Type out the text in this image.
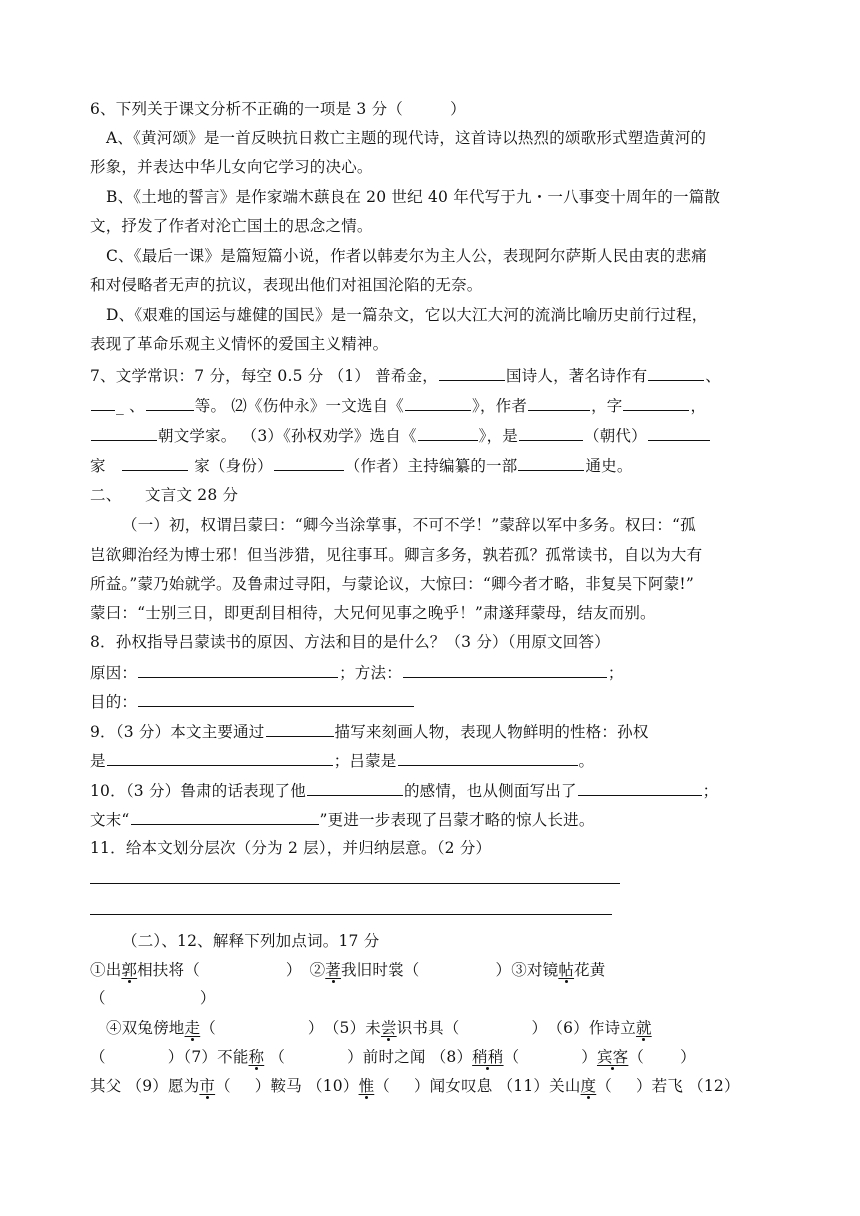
6、下列关于课文分析不正确的一项是 3 分（　　　）
A、《黄河颂》是一首反映抗日救亡主题的现代诗，这首诗以热烈的颂歌形式塑造黄河的
形象，并表达中华儿女向它学习的决心。
B、《土地的誓言》是作家端木蕻良在 20 世纪 40 年代写于九・一八事变十周年的一篇散
文，抒发了作者对沦亡国土的思念之情。
C、《最后一课》是篇短篇小说，作者以韩麦尔为主人公，表现阿尔萨斯人民由衷的悲痛
和对侵略者无声的抗议，表现出他们对祖国沦陷的无奈。
D、《艰难的国运与雄健的国民》是一篇杂文，它以大江大河的流淌比喻历史前行过程，
表现了革命乐观主义情怀的爱国主义精神。
7、文学常识：7 分，每空 0.5 分 （1） 普希金，	国诗人，著名诗作有	、
_ 、	等。 ⑵《伤仲永》一文选自《	》，作者	，字	，
朝文学家。 （3）《孙权劝学》选自《	》，是	（朝代）
家	家（身份）	（作者）主持编纂的一部	通史。
二、　　文言文 28 分
（一）初，权谓吕蒙曰：“卿今当涂掌事，不可不学！”蒙辞以军中多务。权曰：“孤
岂欲卿治经为博士邪！但当涉猎，见往事耳。卿言多务，孰若孤？孤常读书，自以为大有
所益。”蒙乃始就学。及鲁肃过寻阳，与蒙论议，大惊曰：“卿今者才略，非复吴下阿蒙!”
蒙曰：“士别三日，即更刮目相待，大兄何见事之晚乎！”肃遂拜蒙母，结友而别。
8．孙权指导吕蒙读书的原因、方法和目的是什么？（3 分）（用原文回答）
原因：	；方法：	；
目的：
9．（3 分）本文主要通过	描写来刻画人物，表现人物鲜明的性格：孙权
是	；吕蒙是	。
10．（3 分）鲁肃的话表现了他	的感情，也从侧面写出了	；
文末“	”更进一步表现了吕蒙才略的惊人长进。
11．给本文划分层次（分为 2 层），并归纳层意。（2 分）
（二）、12、解释下列加点词。17 分
①出郭相扶将（	）　②著我旧时裳（	）③对镜帖花黄
（　　　　　　）
④双兔傍地走（	）　（5）未尝识书具（	）　（6）作诗立就
（	）（7）不能称 （	）前时之闻 （8）稍稍（	）宾客（ ）
其父 （9）愿为市（ ）鞍马 （10）惟（ ）闻女叹息 （11）关山度（ ）若飞 （12）
